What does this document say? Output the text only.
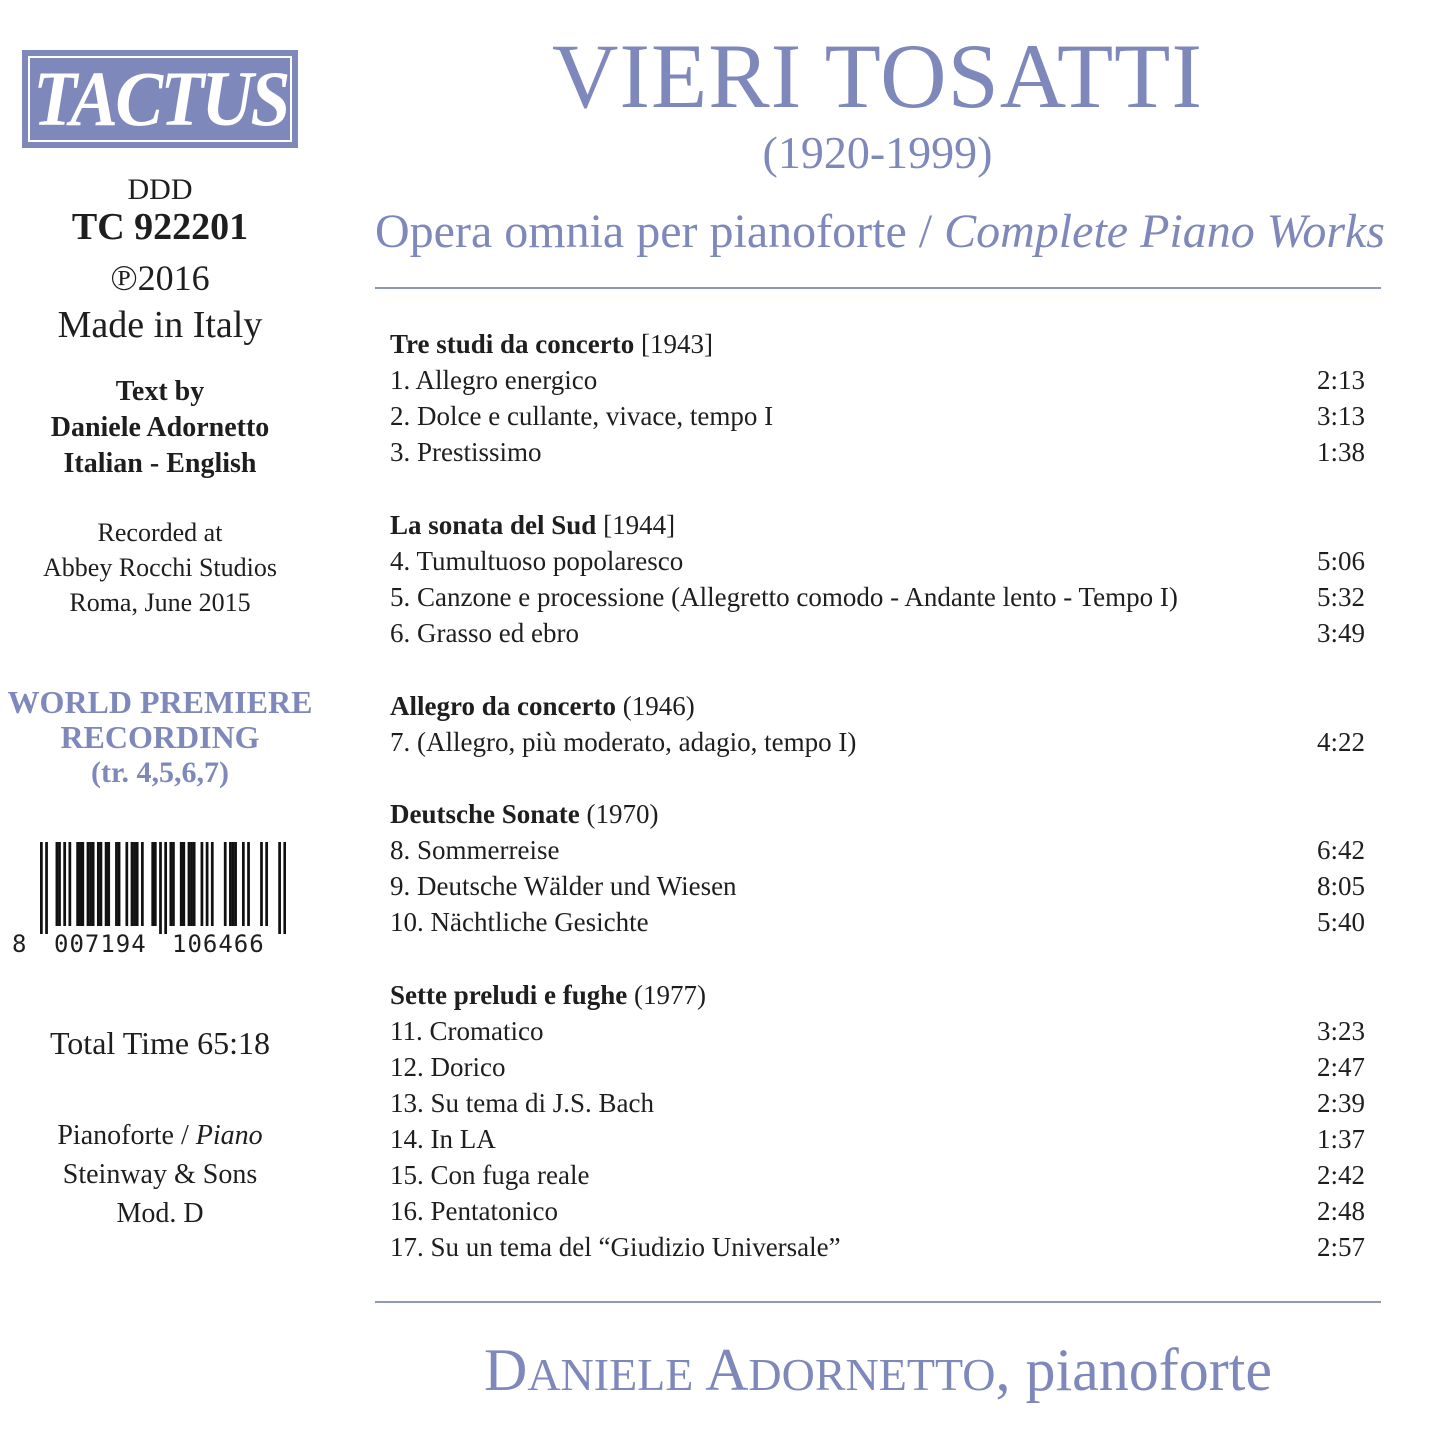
TACTUS
DDD
TC 922201
℗2016
Made in Italy
Text by
Daniele Adornetto
Italian - English
Recorded at
Abbey Rocchi Studios
Roma, June 2015
WORLD PREMIERE
RECORDING
(tr. 4,5,6,7)
8 007194 106466
Total Time 65:18
Pianoforte / Piano
Steinway & Sons
Mod. D
VIERI TOSATTI
(1920-1999)
Opera omnia per pianoforte / Complete Piano Works
Tre studi da concerto [1943]
1. Allegro energico	2:13
2. Dolce e cullante, vivace, tempo I	3:13
3. Prestissimo	1:38
La sonata del Sud [1944]
4. Tumultuoso popolaresco	5:06
5. Canzone e processione (Allegretto comodo - Andante lento - Tempo I)	5:32
6. Grasso ed ebro	3:49
Allegro da concerto (1946)
7. (Allegro, più moderato, adagio, tempo I)	4:22
Deutsche Sonate (1970)
8. Sommerreise	6:42
9. Deutsche Wälder und Wiesen	8:05
10. Nächtliche Gesichte	5:40
Sette preludi e fughe (1977)
11. Cromatico	3:23
12. Dorico	2:47
13. Su tema di J.S. Bach	2:39
14. In LA	1:37
15. Con fuga reale	2:42
16. Pentatonico	2:48
17. Su un tema del “Giudizio Universale”	2:57
DANIELE ADORNETTO, pianoforte
